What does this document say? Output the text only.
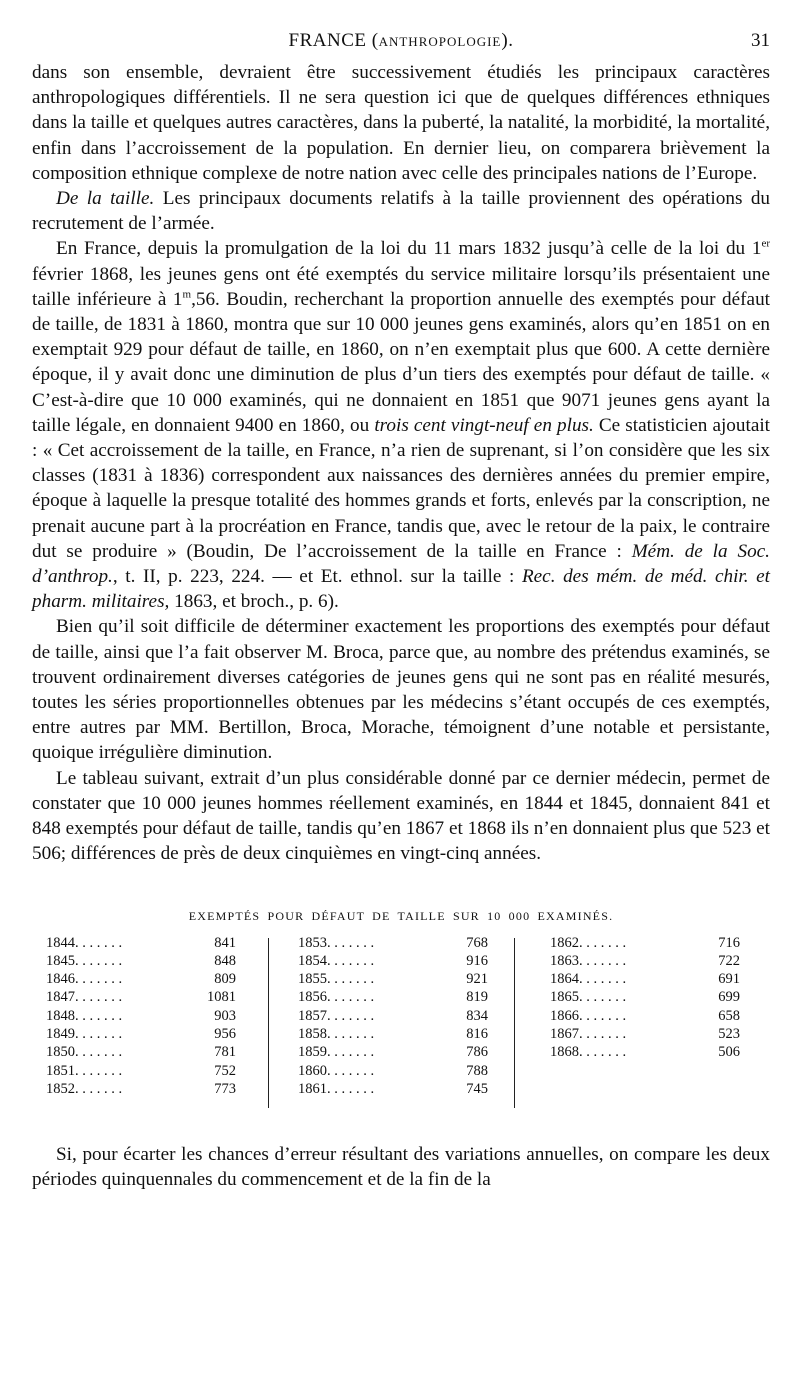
FRANCE (ANTHROPOLOGIE).	31

dans son ensemble, devraient être successivement étudiés les principaux caractères anthropologiques différentiels. Il ne sera question ici que de quelques différences ethniques dans la taille et quelques autres caractères, dans la puberté, la natalité, la morbidité, la mortalité, enfin dans l’accroissement de la population. En dernier lieu, on comparera brièvement la composition ethnique complexe de notre nation avec celle des principales nations de l’Europe.

De la taille. Les principaux documents relatifs à la taille proviennent des opérations du recrutement de l’armée.

En France, depuis la promulgation de la loi du 11 mars 1832 jusqu’à celle de la loi du 1er février 1868, les jeunes gens ont été exemptés du service militaire lorsqu’ils présentaient une taille inférieure à 1$^m$,56. Boudin, recherchant la proportion annuelle des exemptés pour défaut de taille, de 1831 à 1860, montra que sur 10 000 jeunes gens examinés, alors qu’en 1851 on en exemptait 929 pour défaut de taille, en 1860, on n’en exemptait plus que 600. A cette dernière époque, il y avait donc une diminution de plus d’un tiers des exemptés pour défaut de taille. « C’est-à-dire que 10 000 examinés, qui ne donnaient en 1851 que 9071 jeunes gens ayant la taille légale, en donnaient 9400 en 1860, ou trois cent vingt-neuf en plus. Ce statisticien ajoutait : « Cet accroissement de la taille, en France, n’a rien de suprenant, si l’on considère que les six classes (1831 à 1836) correspondent aux naissances des dernières années du premier empire, époque à laquelle la presque totalité des hommes grands et forts, enlevés par la conscription, ne prenait aucune part à la procréation en France, tandis que, avec le retour de la paix, le contraire dut se produire » (Boudin, De l’accroissement de la taille en France : Mém. de la Soc. d’anthrop., t. II, p. 223, 224. — et Et. ethnol. sur la taille : Rec. des mém. de méd. chir. et pharm. militaires, 1863, et broch., p. 6).

Bien qu’il soit difficile de déterminer exactement les proportions des exemptés pour défaut de taille, ainsi que l’a fait observer M. Broca, parce que, au nombre des prétendus examinés, se trouvent ordinairement diverses catégories de jeunes gens qui ne sont pas en réalité mesurés, toutes les séries proportionnelles obtenues par les médecins s’étant occupés de ces exemptés, entre autres par MM. Bertillon, Broca, Morache, témoignent d’une notable et persistante, quoique irrégulière diminution.

Le tableau suivant, extrait d’un plus considérable donné par ce dernier médecin, permet de constater que 10 000 jeunes hommes réellement examinés, en 1844 et 1845, donnaient 841 et 848 exemptés pour défaut de taille, tandis qu’en 1867 et 1868 ils n’en donnaient plus que 523 et 506; différences de près de deux cinquièmes en vingt-cinq années.

EXEMPTÉS POUR DÉFAUT DE TAILLE SUR 10 000 EXAMINÉS.
1844. . . . . . .	841
1845. . . . . . .	848
1846. . . . . . .	809
1847. . . . . . .	1081
1848. . . . . . .	903
1849. . . . . . .	956
1850. . . . . . .	781
1851. . . . . . .	752
1852. . . . . . .	773
1853. . . . . . .	768
1854. . . . . . .	916
1855. . . . . . .	921
1856. . . . . . .	819
1857. . . . . . .	834
1858. . . . . . .	816
1859. . . . . . .	786
1860. . . . . . .	788
1861. . . . . . .	745
1862. . . . . . .	716
1863. . . . . . .	722
1864. . . . . . .	691
1865. . . . . . .	699
1866. . . . . . .	658
1867. . . . . . .	523
1868. . . . . . .	506

Si, pour écarter les chances d’erreur résultant des variations annuelles, on compare les deux périodes quinquennales du commencement et de la fin de la
